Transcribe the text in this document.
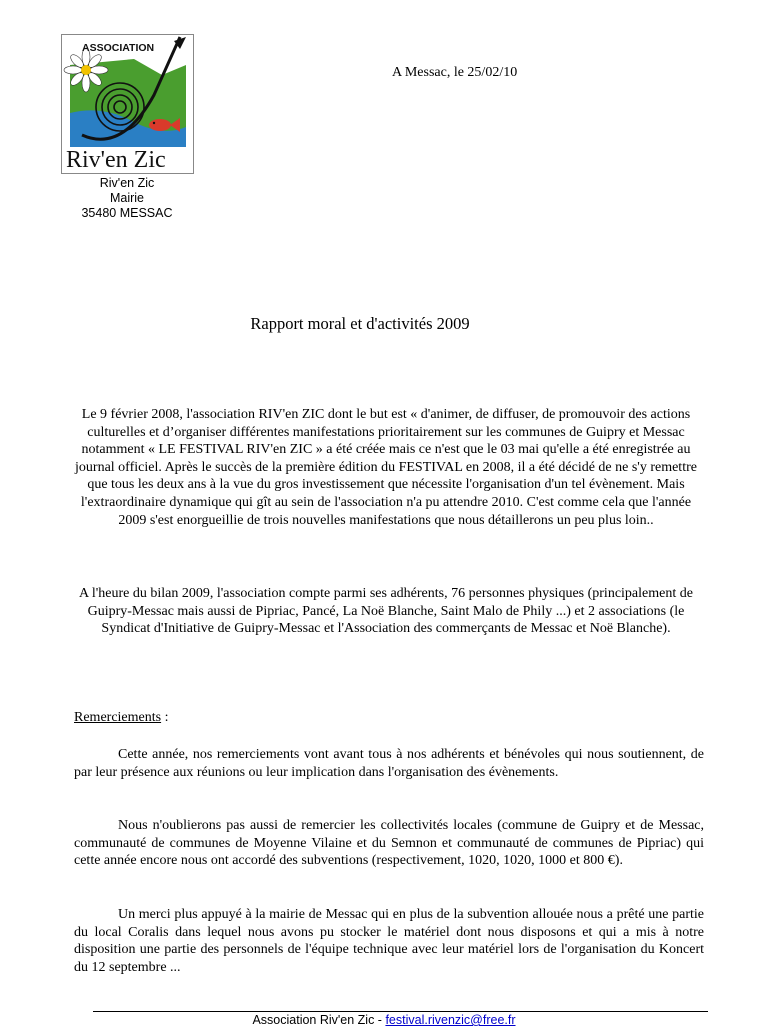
ASSOCIATION
Riv'en Zic
Riv'en Zic
Mairie
35480 MESSAC
A Messac, le 25/02/10
Rapport moral et d'activités 2009
Le 9 février 2008, l'association RIV'en ZIC dont le but est « d'animer, de diffuser, de promouvoir des actions culturelles et d’organiser différentes manifestations prioritairement sur les communes de Guipry et Messac notamment « LE FESTIVAL RIV'en ZIC » a été créée mais ce n'est que le 03 mai qu'elle a été enregistrée au journal officiel. Après le succès de la première édition du FESTIVAL en 2008, il a été décidé de ne s'y remettre que tous les deux ans à la vue du gros investissement que nécessite l'organisation d'un tel évènement. Mais l'extraordinaire dynamique qui gît au sein de l'association n'a pu attendre 2010. C'est comme cela que l'année 2009 s'est enorgueillie de trois nouvelles manifestations que nous détaillerons un peu plus loin..
A l'heure du bilan 2009, l'association compte parmi ses adhérents, 76 personnes physiques (principalement de Guipry-Messac mais aussi de Pipriac, Pancé, La Noë Blanche, Saint Malo de Phily ...) et 2 associations (le Syndicat d'Initiative de Guipry-Messac et l'Association des commerçants de Messac et Noë Blanche).
Remerciements :
Cette année, nos remerciements vont avant tous à nos adhérents et bénévoles qui nous soutiennent, de par leur présence aux réunions ou leur implication dans l'organisation des évènements.
Nous n'oublierons pas aussi de remercier les collectivités locales (commune de Guipry et de Messac, communauté de communes de Moyenne Vilaine et du Semnon et communauté de communes de Pipriac) qui cette année encore nous ont accordé des subventions (respectivement, 1020, 1020, 1000 et 800 €).
Un merci plus appuyé à la mairie de Messac qui en plus de la subvention allouée nous a prêté une partie du local Coralis dans lequel nous avons pu stocker le matériel dont nous disposons et qui a mis à notre disposition une partie des personnels de l'équipe technique avec leur matériel lors de l'organisation du Koncert du 12 septembre ...
Association Riv'en Zic - festival.rivenzic@free.fr
